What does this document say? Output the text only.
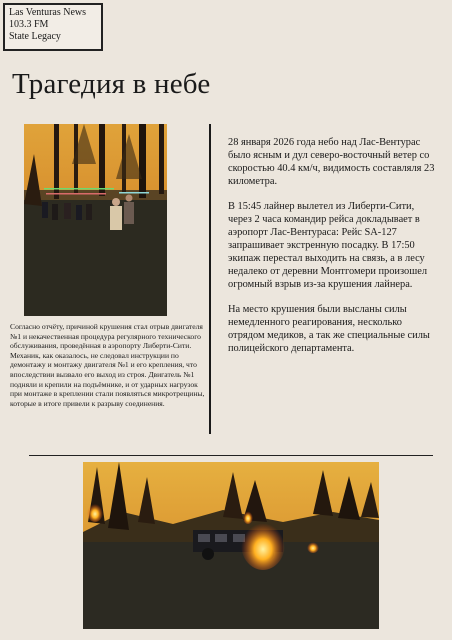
Las Venturas News
103.3 FM
State Legacy
Трагедия в небе
Согласно отчёту, причиной крушения стал отрыв двигателя №1 и некачественная процедура регулярного технического обслуживания, проведённая в аэропорту Либерти-Сити. Механик, как оказалось, не следовал инструкции по демонтажу и монтажу двигателя №1 и его крепления, что впоследствии вызвало его выход из строя. Двигатель №1 подняли и крепили на подъёмнике, и от ударных нагрузок при монтаже в креплении стали появляться микротрещины, которые в итоге привели к разрыву соединения.

28 января 2026 года небо над Лас-Вентурас было ясным и дул северо-восточный ветер со скоростью 40.4 км/ч, видимость составляля 23 километра.

В 15:45 лайнер вылетел из Либерти-Сити, через 2 часа командир рейса докладывает в аэропорт Лас-Вентураса: Рейс SA-127 запрашивает экстренную посадку. В 17:50 экипаж перестал выходить на связь, а в лесу недалеко от деревни Монтгомери произошел огромный взрыв из-за крушения лайнера.

На место крушения были высланы силы немедленного реагирования, несколько отрядом медиков, а так же специальные силы полицейского департамента.
